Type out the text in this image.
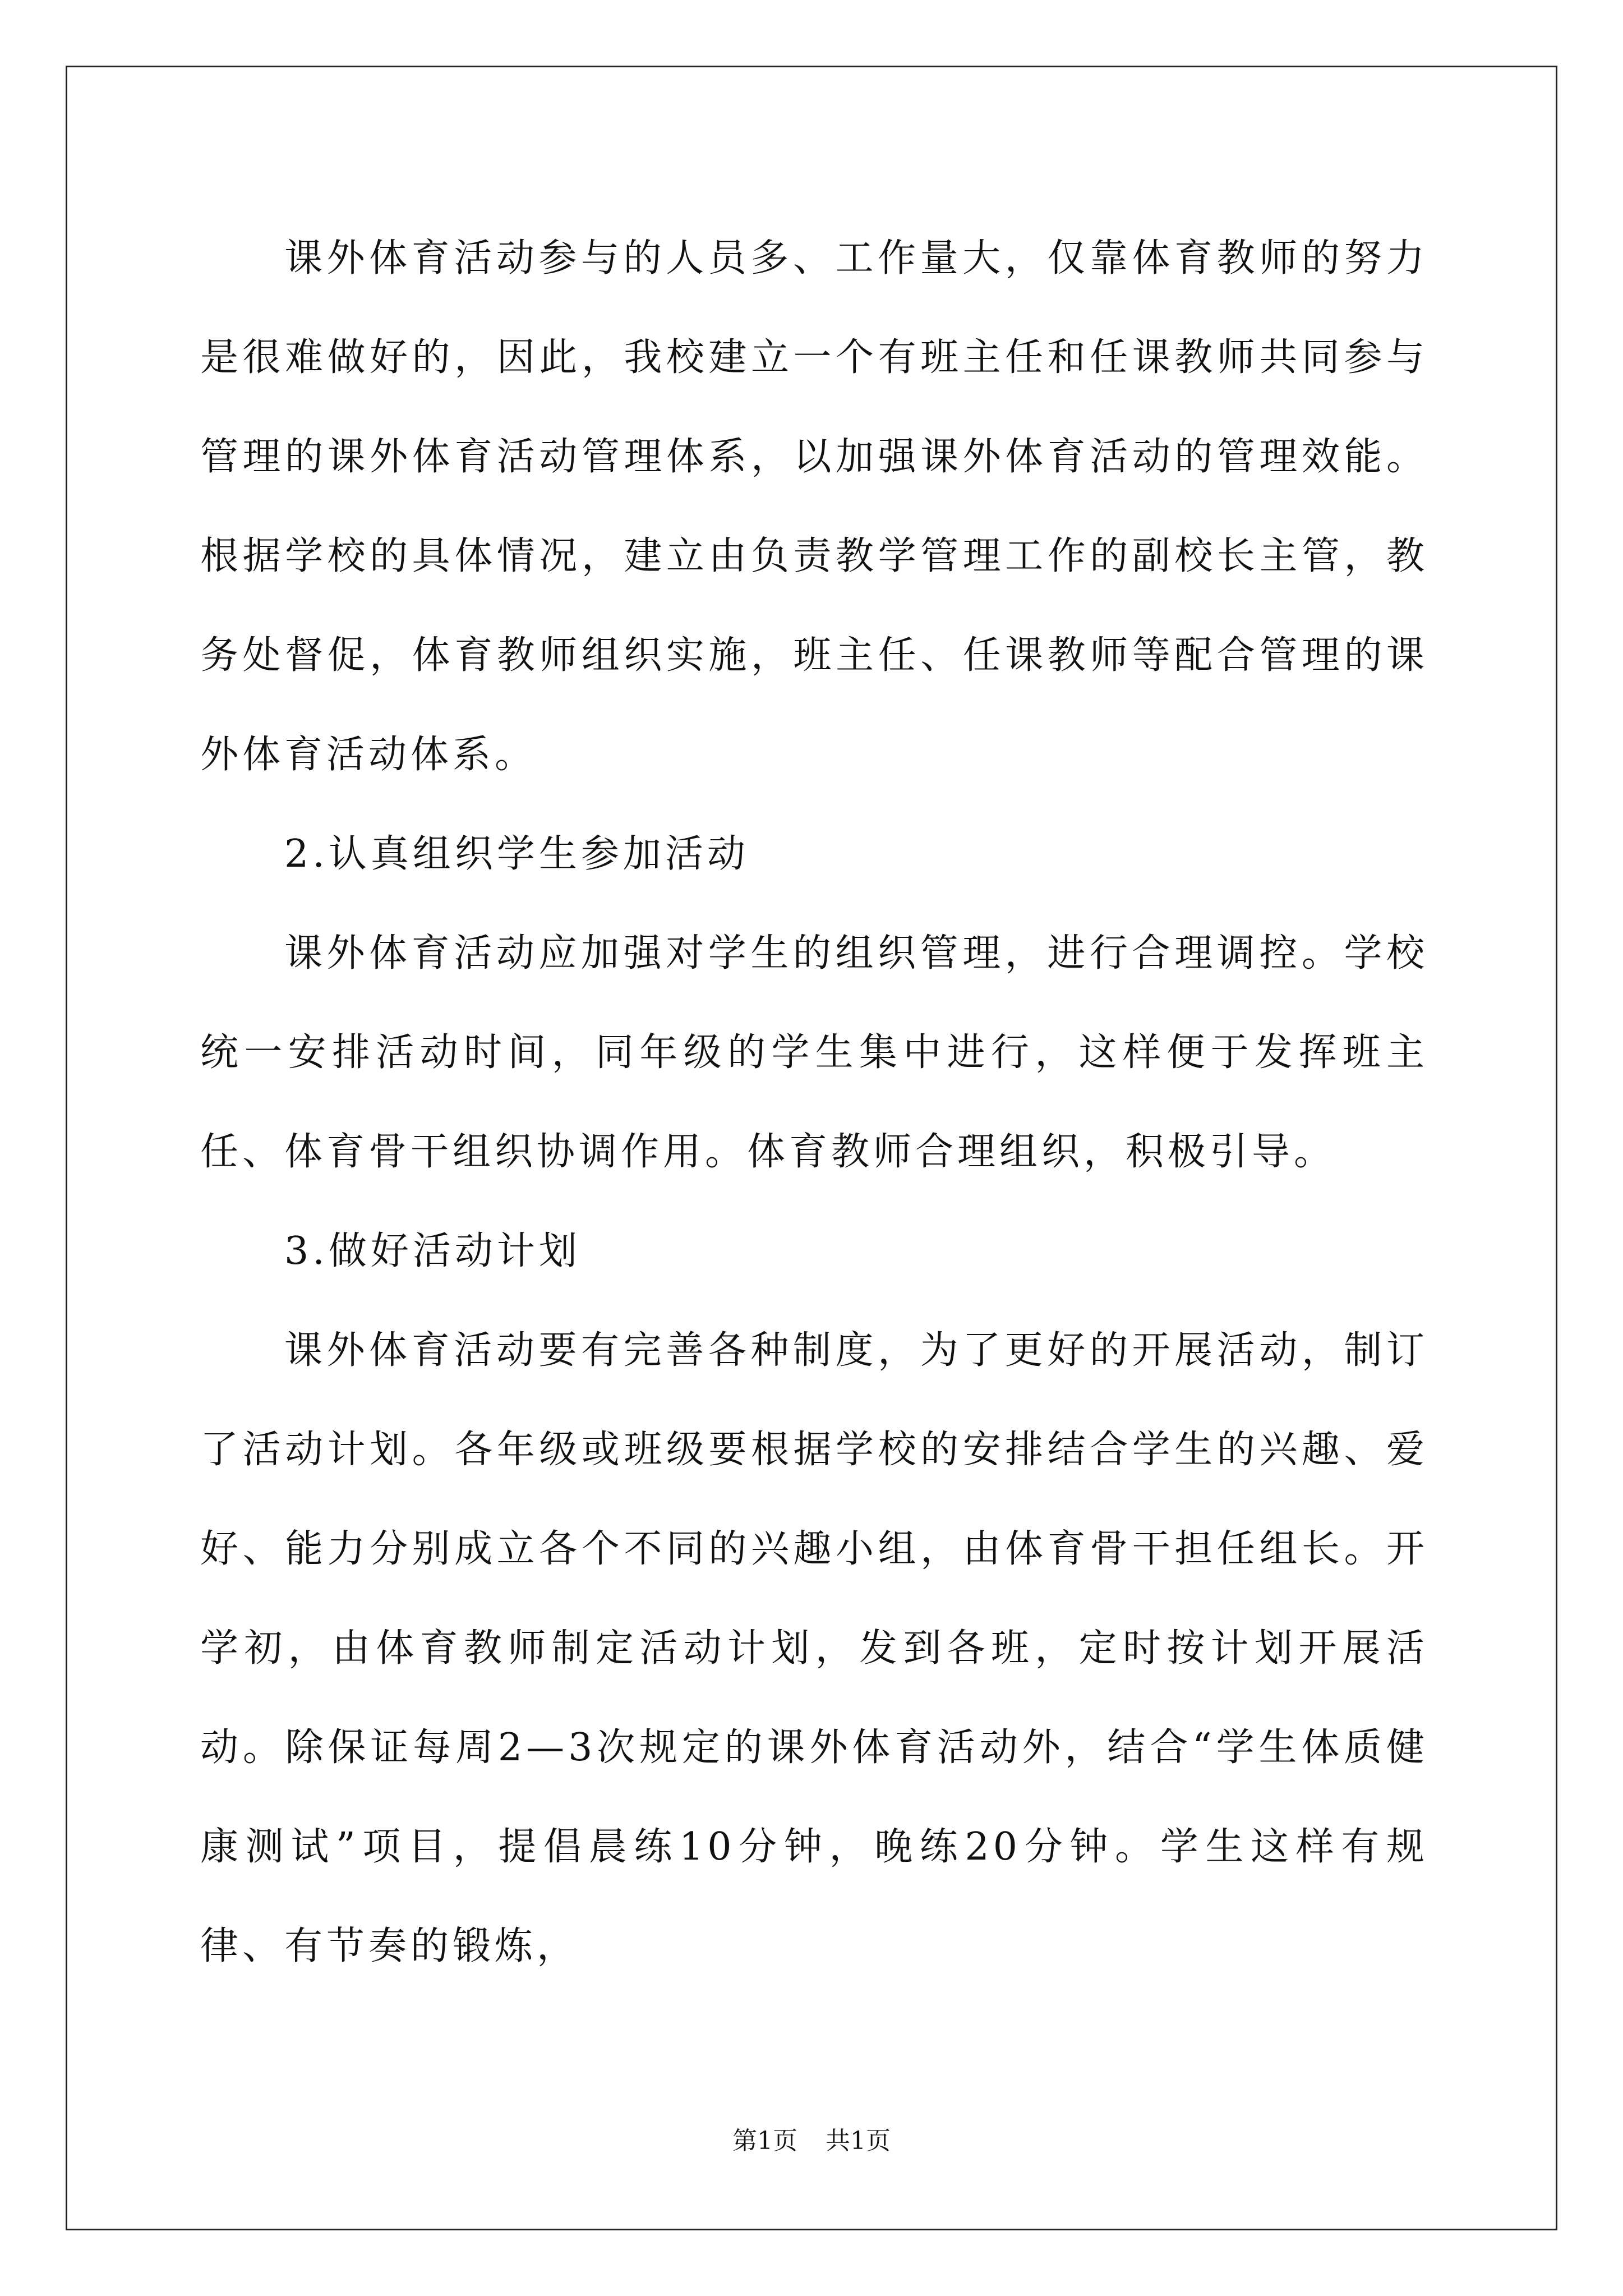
课外体育活动参与的人员多、工作量大，仅靠体育教师的努力是很难做好的，因此，我校建立一个有班主任和任课教师共同参与管理的课外体育活动管理体系，以加强课外体育活动的管理效能。根据学校的具体情况，建立由负责教学管理工作的副校长主管，教务处督促，体育教师组织实施，班主任、任课教师等配合管理的课外体育活动体系。

2.认真组织学生参加活动

课外体育活动应加强对学生的组织管理，进行合理调控。学校统一安排活动时间，同年级的学生集中进行，这样便于发挥班主任、体育骨干组织协调作用。体育教师合理组织，积极引导。

3.做好活动计划

课外体育活动要有完善各种制度，为了更好的开展活动，制订了活动计划。各年级或班级要根据学校的安排结合学生的兴趣、爱好、能力分别成立各个不同的兴趣小组，由体育骨干担任组长。开学初，由体育教师制定活动计划，发到各班，定时按计划开展活动。除保证每周2—3次规定的课外体育活动外，结合“学生体质健康测试”项目，提倡晨练10分钟，晚练20分钟。学生这样有规律、有节奏的锻炼，

第1页 共1页
